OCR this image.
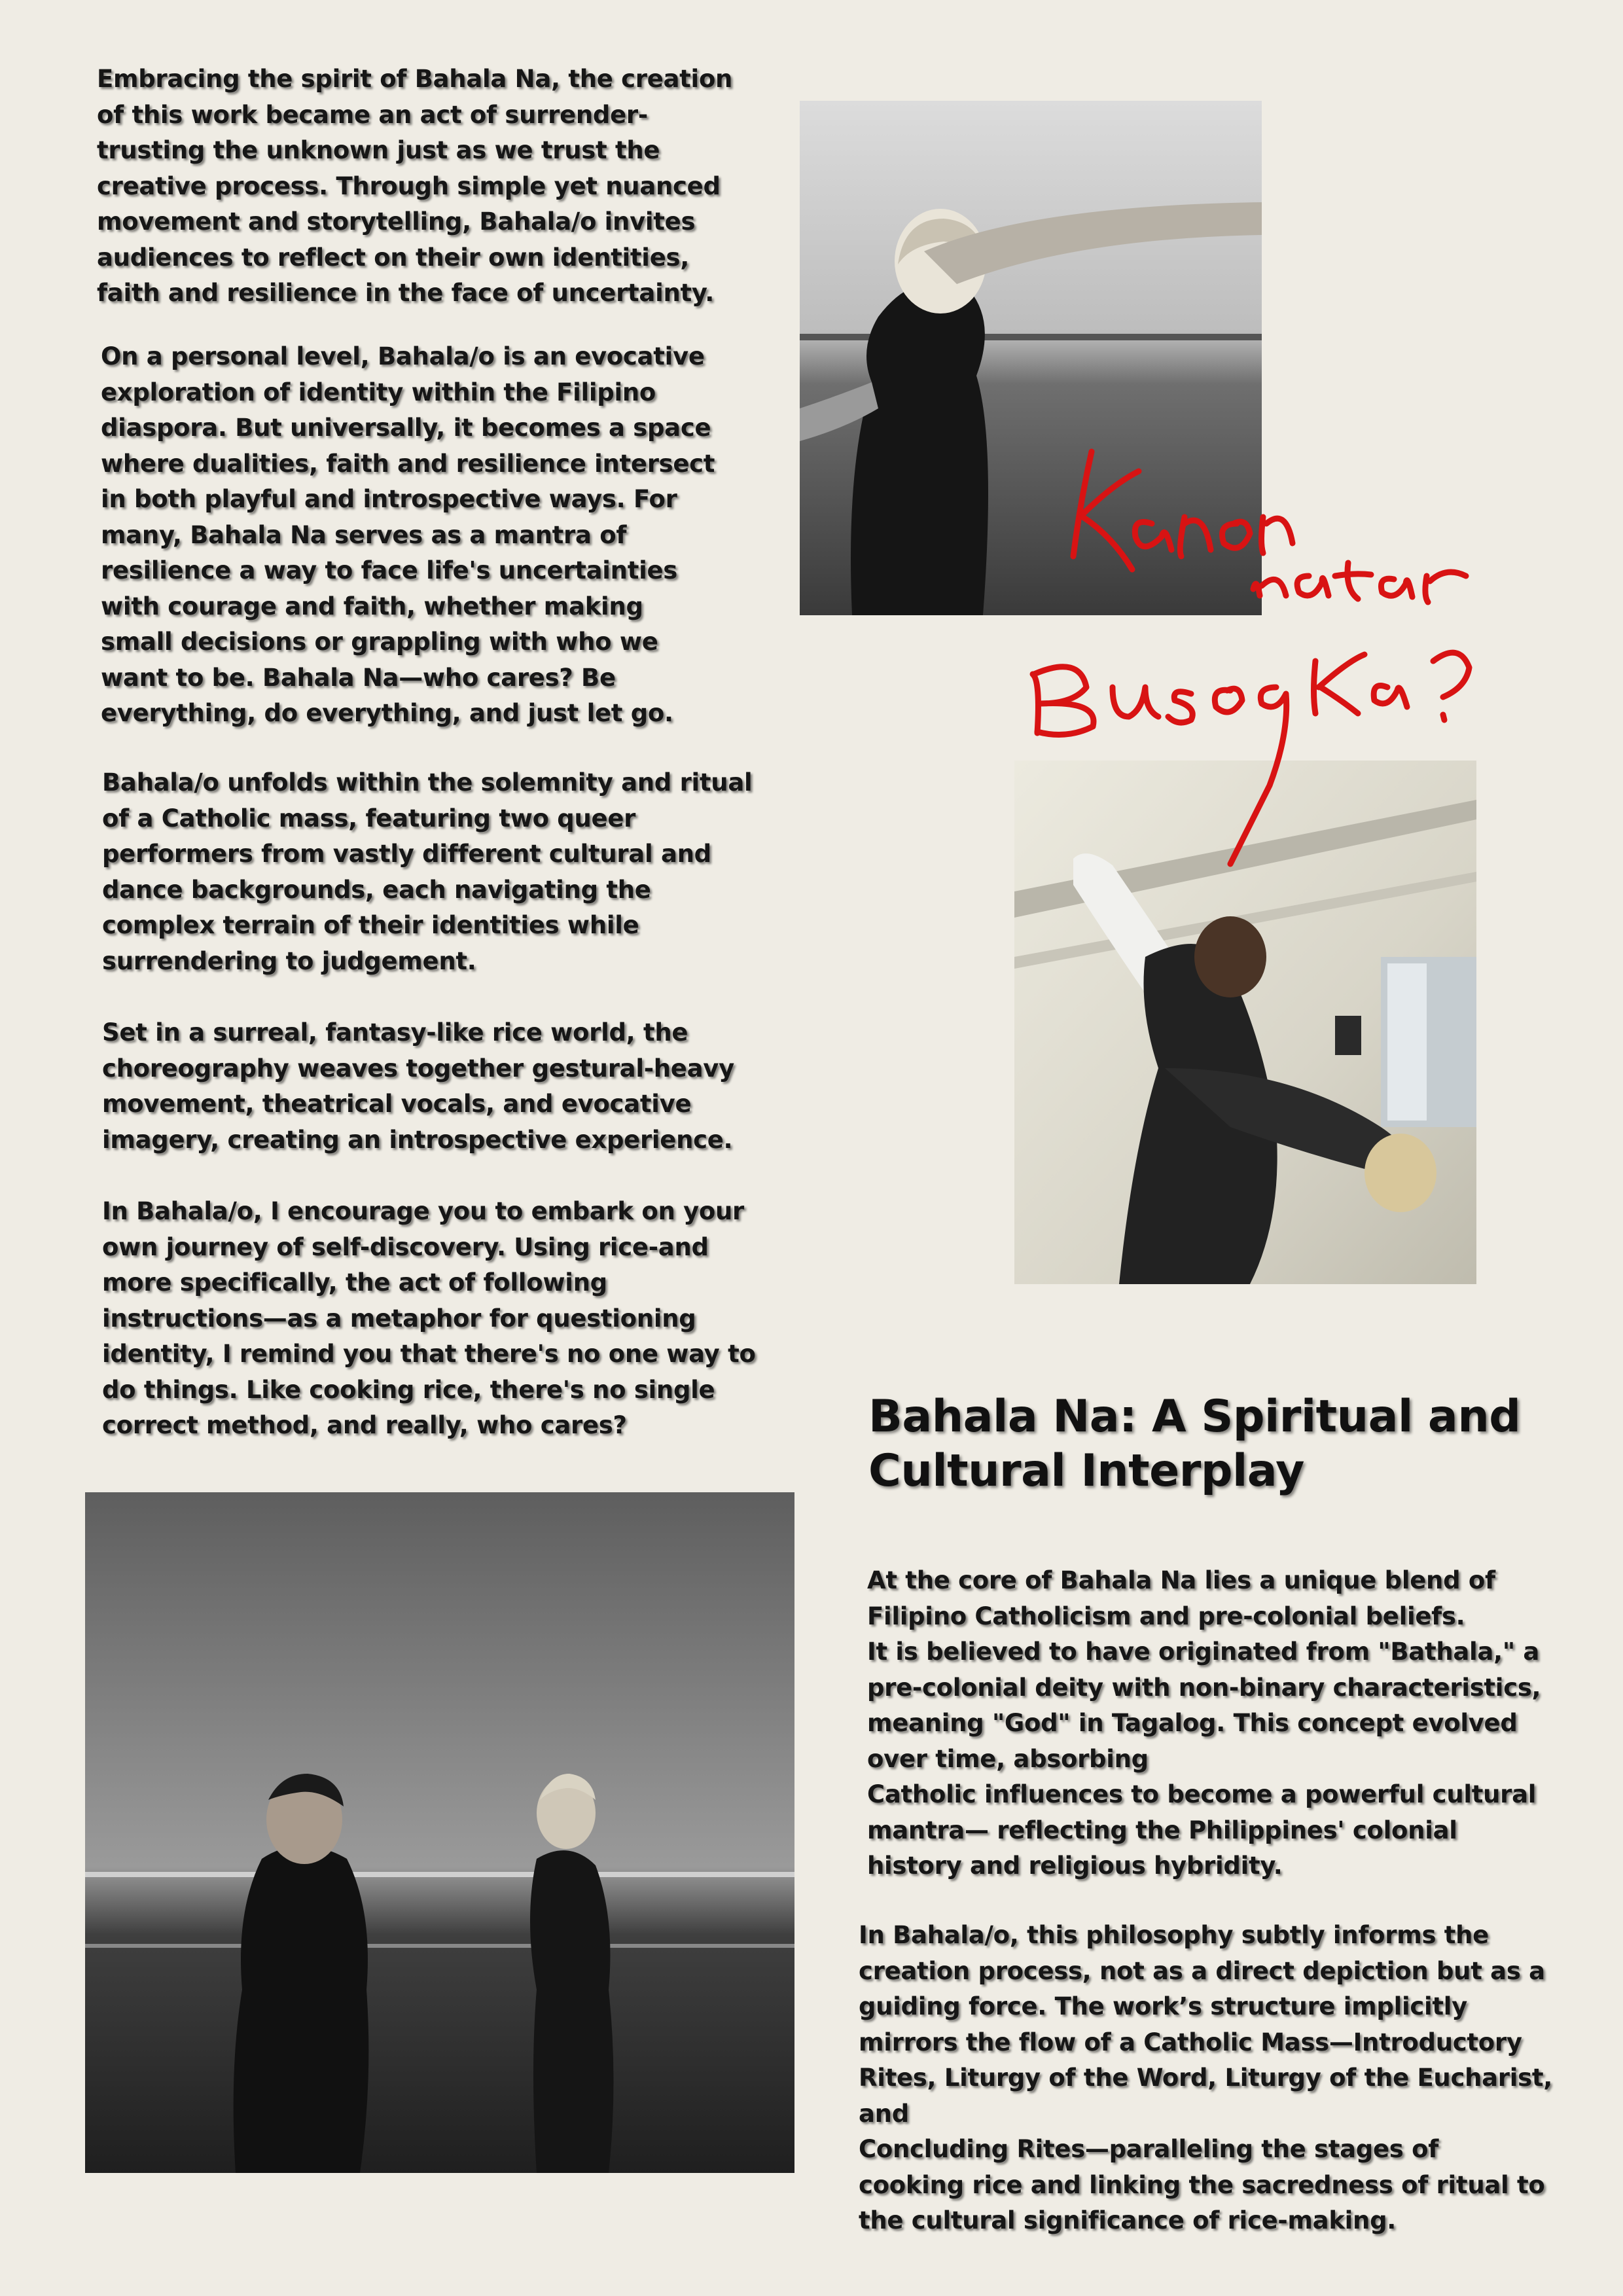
Embracing the spirit of Bahala Na, the creation
of this work became an act of surrender-
trusting the unknown just as we trust the
creative process. Through simple yet nuanced
movement and storytelling, Bahala/o invites
audiences to reflect on their own identities,
faith and resilience in the face of uncertainty.

On a personal level, Bahala/o is an evocative
exploration of identity within the Filipino
diaspora. But universally, it becomes a space
where dualities, faith and resilience intersect
in both playful and introspective ways. For
many, Bahala Na serves as a mantra of
resilience a way to face life's uncertainties
with courage and faith, whether making
small decisions or grappling with who we
want to be. Bahala Na—who cares? Be
everything, do everything, and just let go.

Bahala/o unfolds within the solemnity and ritual
of a Catholic mass, featuring two queer
performers from vastly different cultural and
dance backgrounds, each navigating the
complex terrain of their identities while
surrendering to judgement.

Set in a surreal, fantasy-like rice world, the
choreography weaves together gestural-heavy
movement, theatrical vocals, and evocative
imagery, creating an introspective experience.

In Bahala/o, I encourage you to embark on your
own journey of self-discovery. Using rice-and
more specifically, the act of following
instructions—as a metaphor for questioning
identity, I remind you that there's no one way to
do things. Like cooking rice, there's no single
correct method, and really, who cares?	Bahala Na: A Spiritual and
Cultural Interplay

At the core of Bahala Na lies a unique blend of
Filipino Catholicism and pre-colonial beliefs.
It is believed to have originated from "Bathala," a
pre-colonial deity with non-binary characteristics,
meaning "God" in Tagalog. This concept evolved
over time, absorbing
Catholic influences to become a powerful cultural
mantra— reflecting the Philippines' colonial
history and religious hybridity.

In Bahala/o, this philosophy subtly informs the
creation process, not as a direct depiction but as a
guiding force. The work’s structure implicitly
mirrors the flow of a Catholic Mass—Introductory
Rites, Liturgy of the Word, Liturgy of the Eucharist,
and
Concluding Rites—paralleling the stages of
cooking rice and linking the sacredness of ritual to
the cultural significance of rice-making.
